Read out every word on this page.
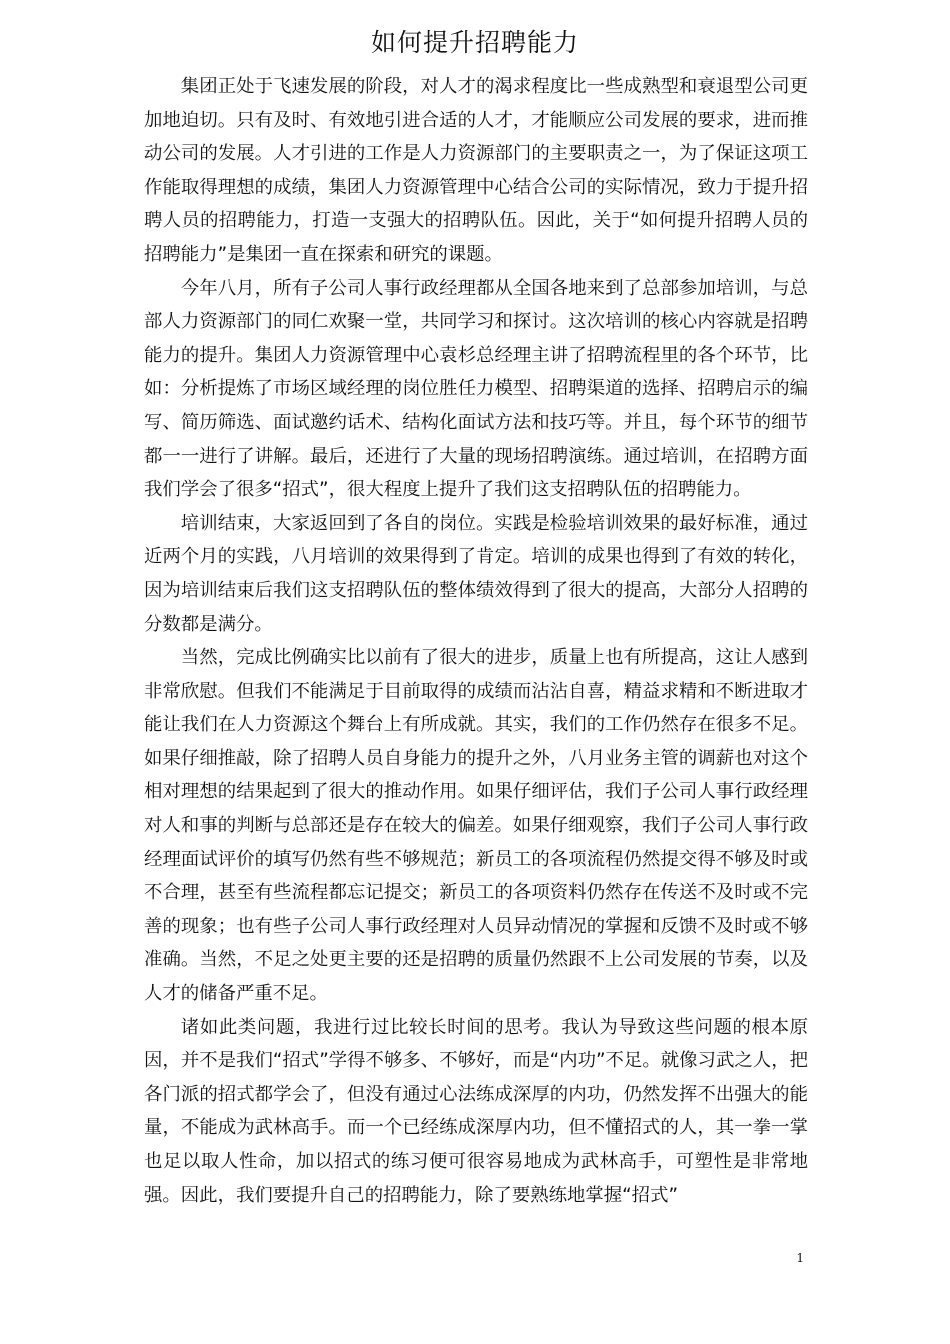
如何提升招聘能力

集团正处于飞速发展的阶段，对人才的渴求程度比一些成熟型和衰退型公司更加地迫切。只有及时、有效地引进合适的人才，才能顺应公司发展的要求，进而推动公司的发展。人才引进的工作是人力资源部门的主要职责之一，为了保证这项工作能取得理想的成绩，集团人力资源管理中心结合公司的实际情况，致力于提升招聘人员的招聘能力，打造一支强大的招聘队伍。因此，关于“如何提升招聘人员的招聘能力”是集团一直在探索和研究的课题。

今年八月，所有子公司人事行政经理都从全国各地来到了总部参加培训，与总部人力资源部门的同仁欢聚一堂，共同学习和探讨。这次培训的核心内容就是招聘能力的提升。集团人力资源管理中心袁杉总经理主讲了招聘流程里的各个环节，比如：分析提炼了市场区域经理的岗位胜任力模型、招聘渠道的选择、招聘启示的编写、简历筛选、面试邀约话术、结构化面试方法和技巧等。并且，每个环节的细节都一一进行了讲解。最后，还进行了大量的现场招聘演练。通过培训，在招聘方面我们学会了很多“招式”，很大程度上提升了我们这支招聘队伍的招聘能力。

培训结束，大家返回到了各自的岗位。实践是检验培训效果的最好标准，通过近两个月的实践，八月培训的效果得到了肯定。培训的成果也得到了有效的转化，因为培训结束后我们这支招聘队伍的整体绩效得到了很大的提高，大部分人招聘的分数都是满分。

当然，完成比例确实比以前有了很大的进步，质量上也有所提高，这让人感到非常欣慰。但我们不能满足于目前取得的成绩而沾沾自喜，精益求精和不断进取才能让我们在人力资源这个舞台上有所成就。其实，我们的工作仍然存在很多不足。如果仔细推敲，除了招聘人员自身能力的提升之外，八月业务主管的调薪也对这个相对理想的结果起到了很大的推动作用。如果仔细评估，我们子公司人事行政经理对人和事的判断与总部还是存在较大的偏差。如果仔细观察，我们子公司人事行政经理面试评价的填写仍然有些不够规范；新员工的各项流程仍然提交得不够及时或不合理，甚至有些流程都忘记提交；新员工的各项资料仍然存在传送不及时或不完善的现象；也有些子公司人事行政经理对人员异动情况的掌握和反馈不及时或不够准确。当然，不足之处更主要的还是招聘的质量仍然跟不上公司发展的节奏，以及人才的储备严重不足。

诸如此类问题，我进行过比较长时间的思考。我认为导致这些问题的根本原因，并不是我们“招式”学得不够多、不够好，而是“内功”不足。就像习武之人，把各门派的招式都学会了，但没有通过心法练成深厚的内功，仍然发挥不出强大的能量，不能成为武林高手。而一个已经练成深厚内功，但不懂招式的人，其一拳一掌也足以取人性命，加以招式的练习便可很容易地成为武林高手，可塑性是非常地强。因此，我们要提升自己的招聘能力，除了要熟练地掌握“招式”

1
